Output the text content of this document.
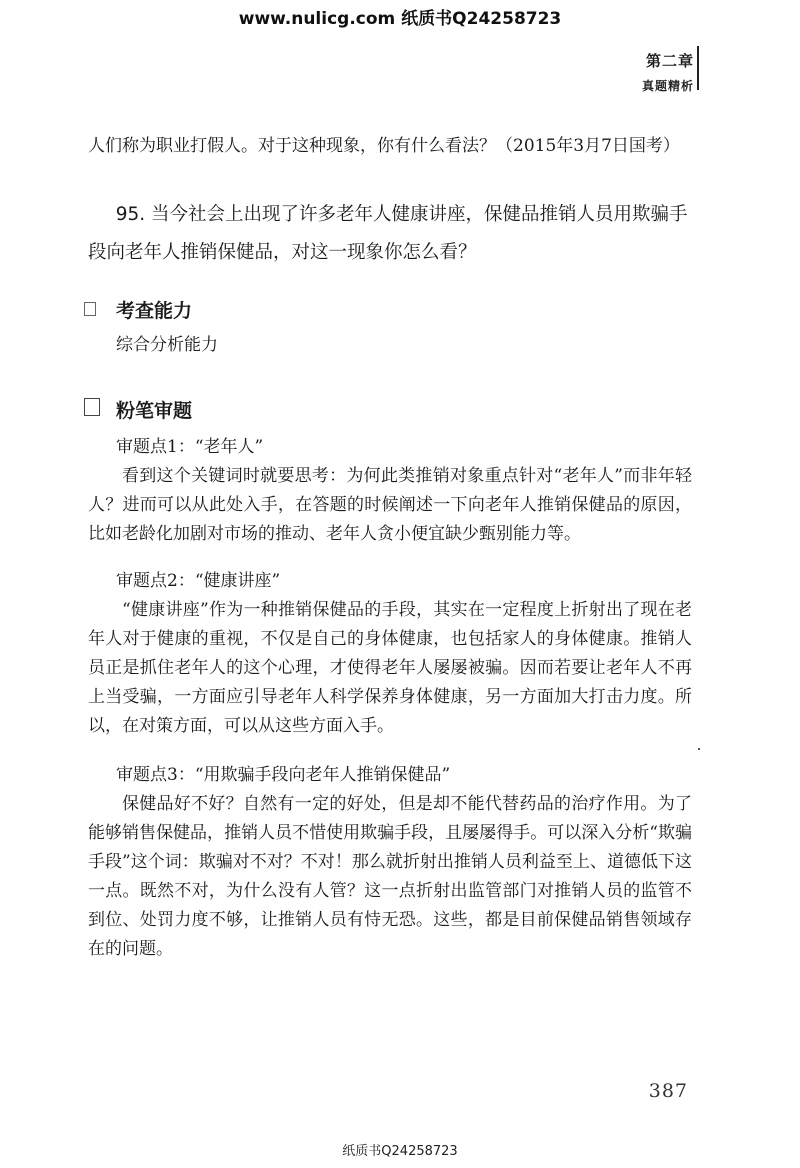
www.nulicg.com 纸质书Q24258723
第二章
真题精析
人们称为职业打假人。对于这种现象，你有什么看法？（2015年3月7日国考）
95. 当今社会上出现了许多老年人健康讲座，保健品推销人员用欺骗手段向老年人推销保健品，对这一现象你怎么看？
考查能力
综合分析能力
粉笔审题
审题点1：“老年人”
看到这个关键词时就要思考：为何此类推销对象重点针对“老年人”而非年轻人？进而可以从此处入手，在答题的时候阐述一下向老年人推销保健品的原因，比如老龄化加剧对市场的推动、老年人贪小便宜缺少甄别能力等。
审题点2：“健康讲座”
“健康讲座”作为一种推销保健品的手段，其实在一定程度上折射出了现在老年人对于健康的重视，不仅是自己的身体健康，也包括家人的身体健康。推销人员正是抓住老年人的这个心理，才使得老年人屡屡被骗。因而若要让老年人不再上当受骗，一方面应引导老年人科学保养身体健康，另一方面加大打击力度。所以，在对策方面，可以从这些方面入手。
审题点3：“用欺骗手段向老年人推销保健品”
保健品好不好？自然有一定的好处，但是却不能代替药品的治疗作用。为了能够销售保健品，推销人员不惜使用欺骗手段，且屡屡得手。可以深入分析“欺骗手段”这个词：欺骗对不对？不对！那么就折射出推销人员利益至上、道德低下这一点。既然不对，为什么没有人管？这一点折射出监管部门对推销人员的监管不到位、处罚力度不够，让推销人员有恃无恐。这些，都是目前保健品销售领域存在的问题。
387
纸质书Q24258723
